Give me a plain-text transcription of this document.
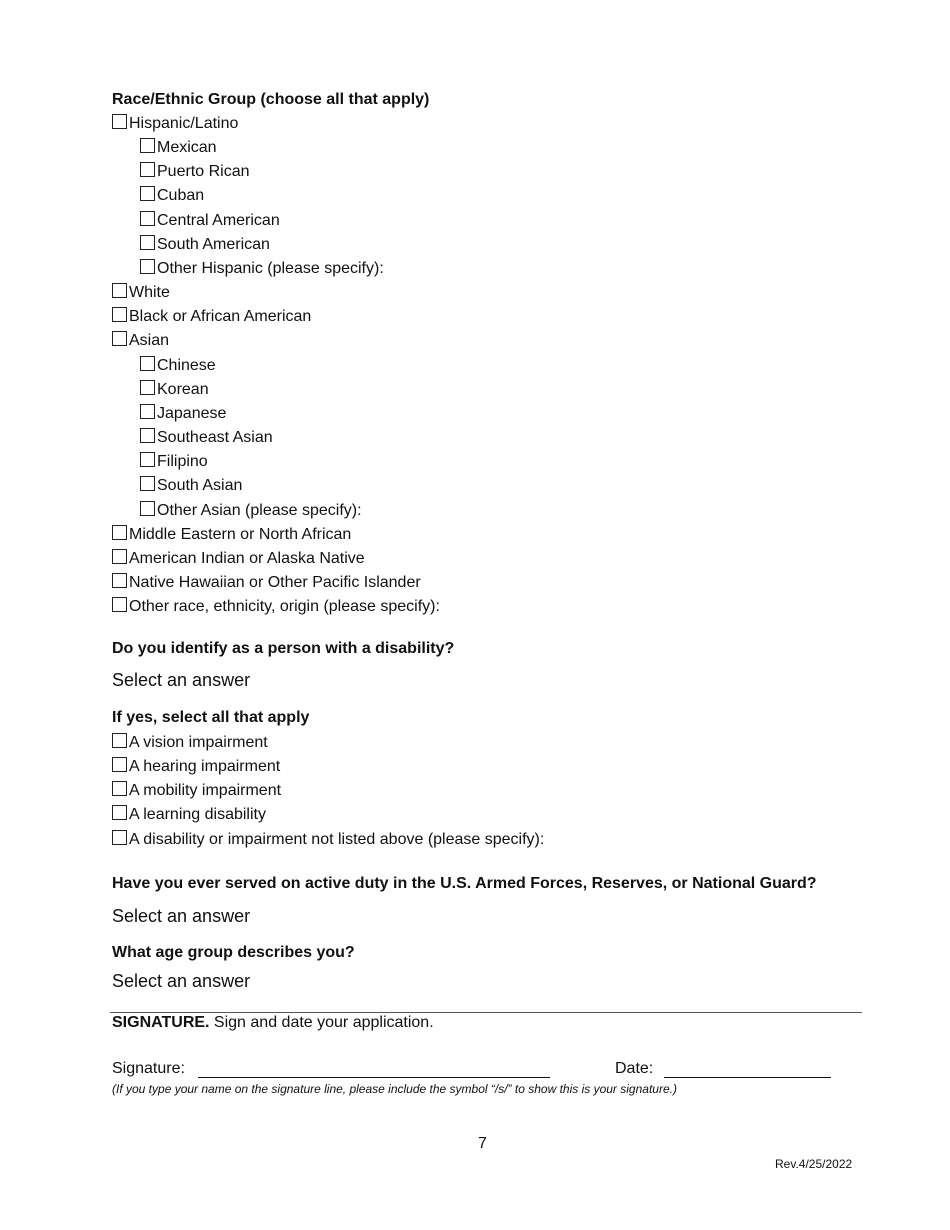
Race/Ethnic Group (choose all that apply)
Hispanic/Latino
Mexican
Puerto Rican
Cuban
Central American
South American
Other Hispanic (please specify):
White
Black or African American
Asian
Chinese
Korean
Japanese
Southeast Asian
Filipino
South Asian
Other Asian (please specify):
Middle Eastern or North African
American Indian or Alaska Native
Native Hawaiian or Other Pacific Islander
Other race, ethnicity, origin (please specify):
Do you identify as a person with a disability?
Select an answer
If yes, select all that apply
A vision impairment
A hearing impairment
A mobility impairment
A learning disability
A disability or impairment not listed above (please specify):
Have you ever served on active duty in the U.S. Armed Forces, Reserves, or National Guard?
Select an answer
What age group describes you?
Select an answer
SIGNATURE. Sign and date your application.
Signature:	Date:
(If you type your name on the signature line, please include the symbol “/s/” to show this is your signature.)
7
Rev.4/25/2022
